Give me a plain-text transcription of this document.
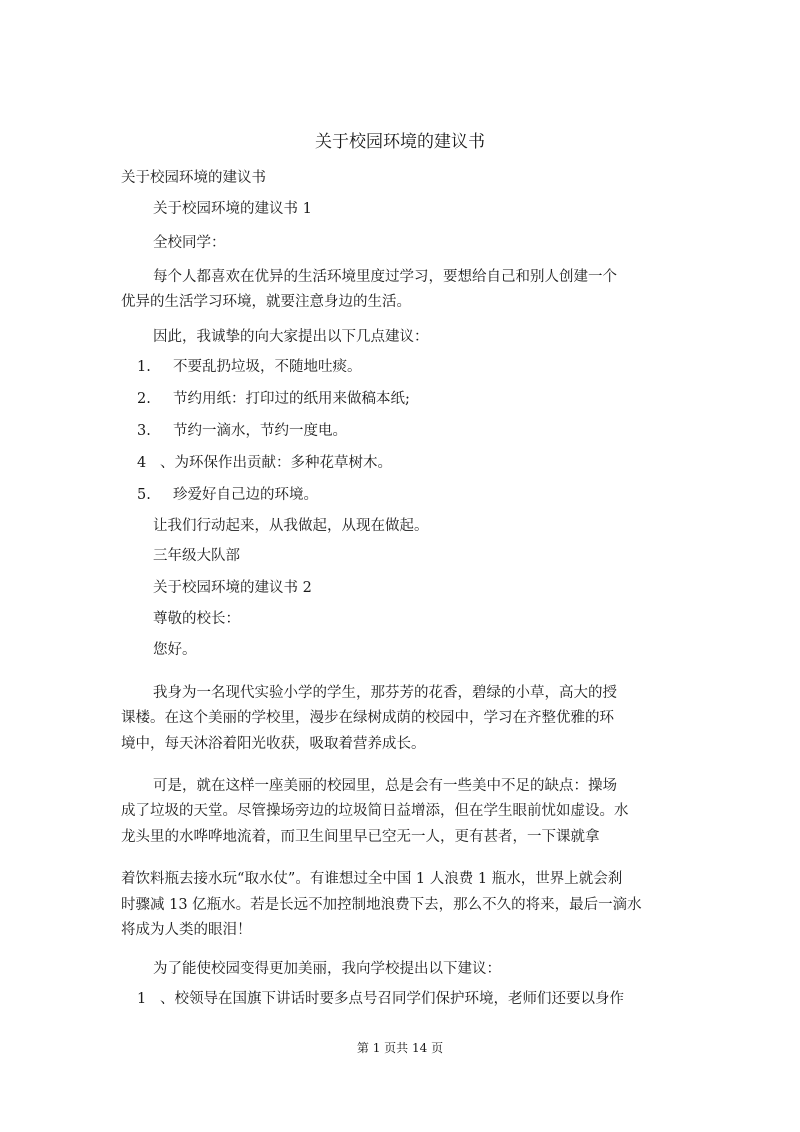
关于校园环境的建议书
关于校园环境的建议书
关于校园环境的建议书 1
全校同学：
每个人都喜欢在优异的生活环境里度过学习，要想给自己和别人创建一个
优异的生活学习环境，就要注意身边的生活。
因此，我诚挚的向大家提出以下几点建议：
1. 不要乱扔垃圾，不随地吐痰。
2. 节约用纸：打印过的纸用来做稿本纸;
3. 节约一滴水，节约一度电。
4 、为环保作出贡献：多种花草树木。
5. 珍爱好自己边的环境。
让我们行动起来，从我做起，从现在做起。
三年级大队部
关于校园环境的建议书 2
尊敬的校长：
您好。
我身为一名现代实验小学的学生，那芬芳的花香，碧绿的小草，高大的授
课楼。在这个美丽的学校里，漫步在绿树成荫的校园中，学习在齐整优雅的环
境中，每天沐浴着阳光收获，吸取着营养成长。
可是，就在这样一座美丽的校园里，总是会有一些美中不足的缺点：操场
成了垃圾的天堂。尽管操场旁边的垃圾简日益增添，但在学生眼前忧如虚设。水
龙头里的水哗哗地流着，而卫生间里早已空无一人，更有甚者，一下课就拿
着饮料瓶去接水玩“取水仗”。有谁想过全中国 1 人浪费 1 瓶水，世界上就会刹
时骤减 13 亿瓶水。若是长远不加控制地浪费下去，那么不久的将来，最后一滴水
将成为人类的眼泪！
为了能使校园变得更加美丽，我向学校提出以下建议：
1 、校领导在国旗下讲话时要多点号召同学们保护环境，老师们还要以身作
第 1 页共 14 页
